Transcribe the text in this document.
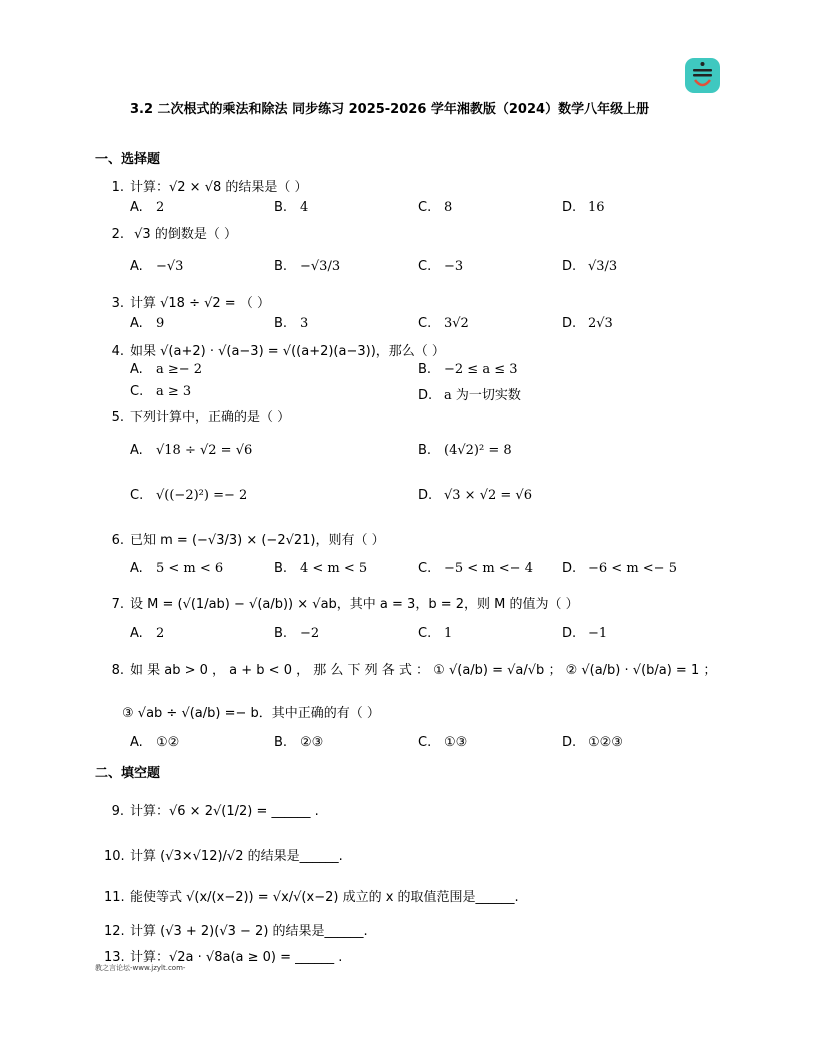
3.2 二次根式的乘法和除法 同步练习 2025-2026 学年湘教版（2024）数学八年级上册
一、选择题
1. 计算：√2 × √8 的结果是（ ）
A. 2	B. 4	C. 8	D. 16
2. √3 的倒数是（ ）
A. −√3	B. −√3/3	C. −3	D. √3/3
3. 计算 √18 ÷ √2 = （ ）
A. 9	B. 3	C. 3√2	D. 2√3
4. 如果 √(a+2) · √(a−3) = √((a+2)(a−3))，那么（ ）
A. a ≥− 2	B. −2 ≤ a ≤ 3
C. a ≥ 3	D. a 为一切实数
5. 下列计算中，正确的是（ ）
A. √18 ÷ √2 = √6	B. (4√2)² = 8
C. √((−2)²) =− 2	D. √3 × √2 = √6
6. 已知 m = (−√3/3) × (−2√21)，则有（ ）
A. 5 < m < 6	B. 4 < m < 5	C. −5 < m <− 4 D. −6 < m <− 5
7. 设 M = (√(1/ab) − √(a/b)) × √ab，其中 a = 3，b = 2，则 M 的值为（ ）
A. 2	B. −2	C. 1	D. −1
8. 如 果 ab > 0 ， a + b < 0 ， 那 么 下 列 各 式 ： ① √(a/b) = √a/√b ； ② √(a/b) · √(b/a) = 1 ；
③ √ab ÷ √(a/b) =− b．其中正确的有（ ）
A. ①②	B. ②③	C. ①③	D. ①②③
二、填空题
9. 计算：√6 × 2√(1/2) = ______ .
10. 计算 (√3×√12)/√2 的结果是______.
11. 能使等式 √(x/(x−2)) = √x/√(x−2) 成立的 x 的取值范围是______.
12. 计算 (√3 + 2)(√3 − 2) 的结果是______.
13. 计算：√2a · √8a(a ≥ 0) = ______ .
教之言论坛-www.jzylt.com-
